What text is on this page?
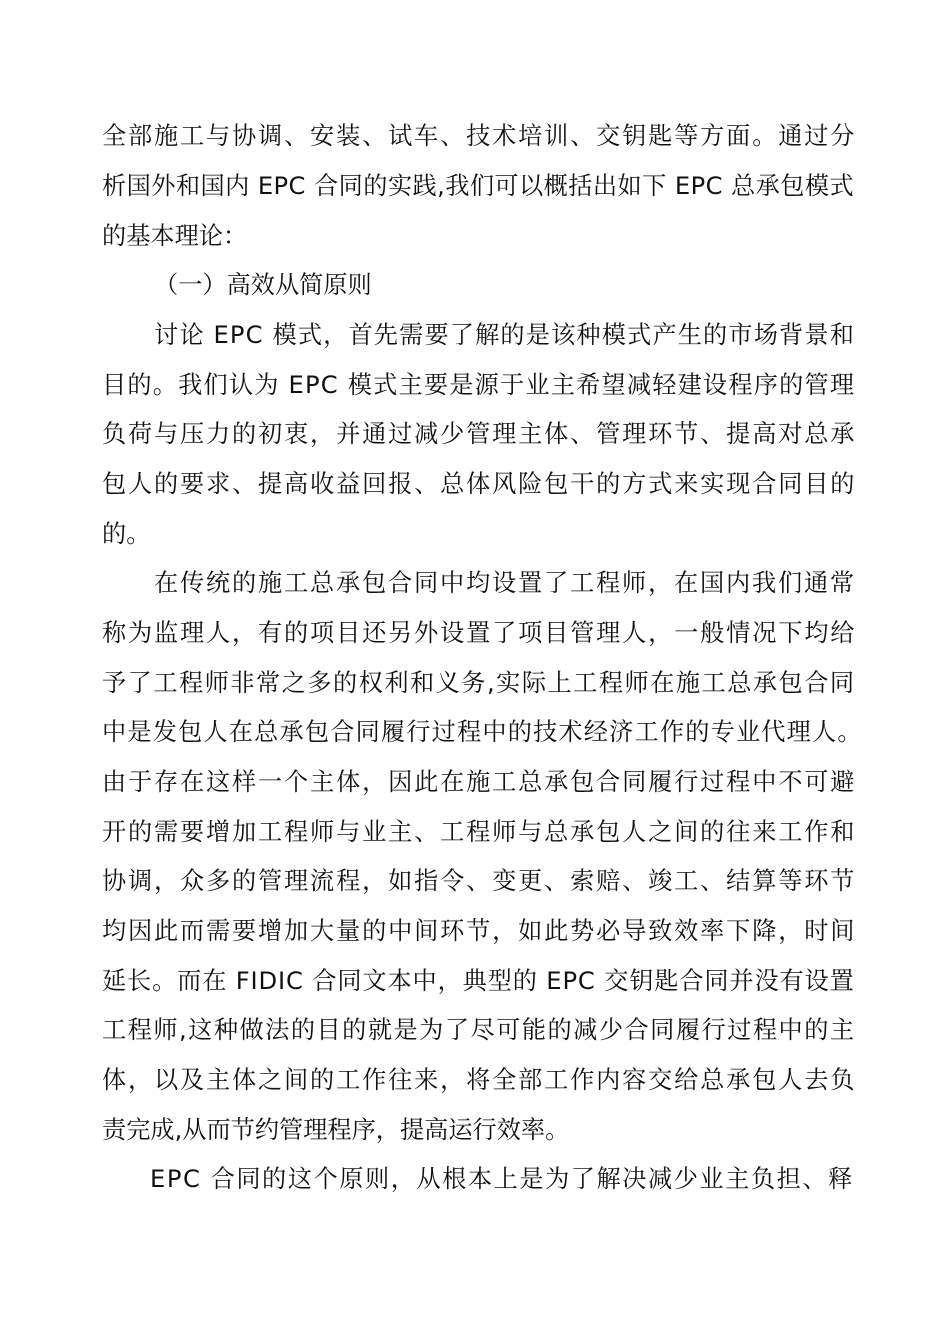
全部施工与协调、安装、试车、技术培训、交钥匙等方面。通过分

析国外和国内 EPC 合同的实践,我们可以概括出如下 EPC 总承包模式

的基本理论：

（一）高效从简原则

讨论 EPC 模式，首先需要了解的是该种模式产生的市场背景和

目的。我们认为 EPC 模式主要是源于业主希望减轻建设程序的管理

负荷与压力的初衷，并通过减少管理主体、管理环节、提高对总承

包人的要求、提高收益回报、总体风险包干的方式来实现合同目的

的。

在传统的施工总承包合同中均设置了工程师，在国内我们通常

称为监理人，有的项目还另外设置了项目管理人，一般情况下均给

予了工程师非常之多的权利和义务,实际上工程师在施工总承包合同

中是发包人在总承包合同履行过程中的技术经济工作的专业代理人。

由于存在这样一个主体，因此在施工总承包合同履行过程中不可避

开的需要增加工程师与业主、工程师与总承包人之间的往来工作和

协调，众多的管理流程，如指令、变更、索赔、竣工、结算等环节

均因此而需要增加大量的中间环节，如此势必导致效率下降，时间

延长。而在 FIDIC 合同文本中，典型的 EPC 交钥匙合同并没有设置

工程师,这种做法的目的就是为了尽可能的减少合同履行过程中的主

体，以及主体之间的工作往来，将全部工作内容交给总承包人去负

责完成,从而节约管理程序，提高运行效率。

EPC 合同的这个原则，从根本上是为了解决减少业主负担、释
